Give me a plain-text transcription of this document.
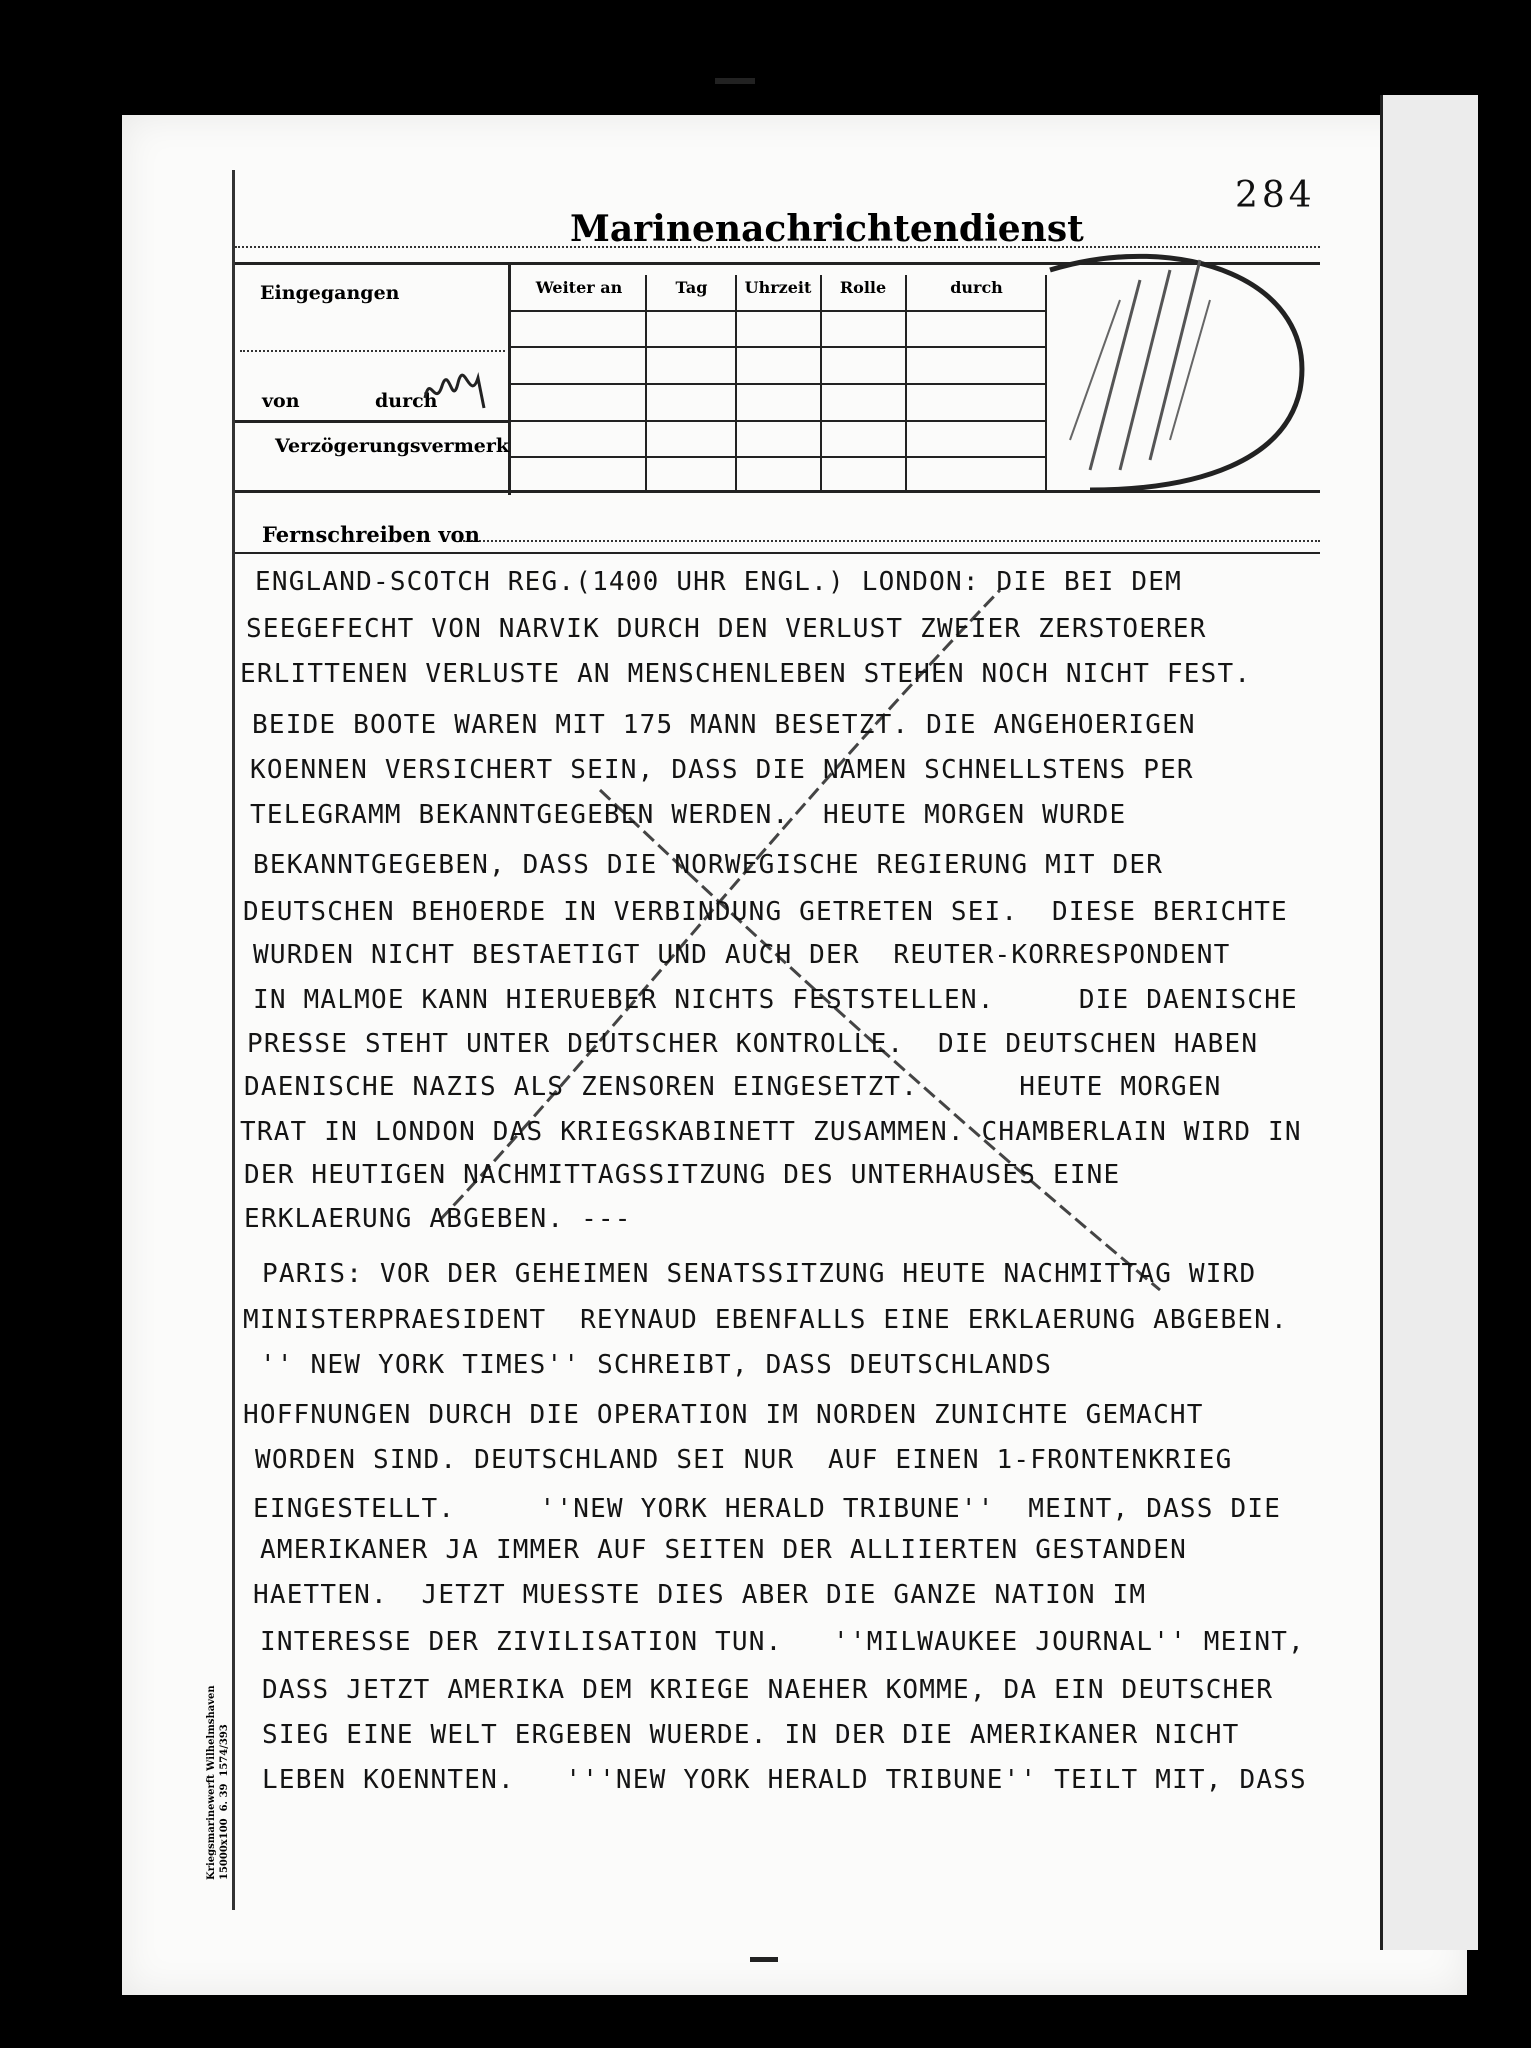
284
Marinenachrichtendienst
Eingegangen
von	durch
Verzögerungsvermerk
Fernschreiben von
Weiter an	Tag	Uhrzeit	Rolle	durch
ENGLAND-SCOTCH REG.(1400 UHR ENGL.) LONDON: DIE BEI DEM
SEEGEFECHT VON NARVIK DURCH DEN VERLUST ZWEIER ZERSTOERER
ERLITTENEN VERLUSTE AN MENSCHENLEBEN STEHEN NOCH NICHT FEST.
BEIDE BOOTE WAREN MIT 175 MANN BESETZT. DIE ANGEHOERIGEN
KOENNEN VERSICHERT SEIN, DASS DIE NAMEN SCHNELLSTENS PER
TELEGRAMM BEKANNTGEGEBEN WERDEN.  HEUTE MORGEN WURDE
BEKANNTGEGEBEN, DASS DIE NORWEGISCHE REGIERUNG MIT DER
DEUTSCHEN BEHOERDE IN VERBINDUNG GETRETEN SEI.  DIESE BERICHTE
WURDEN NICHT BESTAETIGT UND AUCH DER  REUTER-KORRESPONDENT
IN MALMOE KANN HIERUEBER NICHTS FESTSTELLEN.     DIE DAENISCHE
PRESSE STEHT UNTER DEUTSCHER KONTROLLE.  DIE DEUTSCHEN HABEN
DAENISCHE NAZIS ALS ZENSOREN EINGESETZT.      HEUTE MORGEN
TRAT IN LONDON DAS KRIEGSKABINETT ZUSAMMEN. CHAMBERLAIN WIRD IN
DER HEUTIGEN NACHMITTAGSSITZUNG DES UNTERHAUSES EINE
ERKLAERUNG ABGEBEN. ---
PARIS: VOR DER GEHEIMEN SENATSSITZUNG HEUTE NACHMITTAG WIRD
MINISTERPRAESIDENT  REYNAUD EBENFALLS EINE ERKLAERUNG ABGEBEN.
'' NEW YORK TIMES'' SCHREIBT, DASS DEUTSCHLANDS
HOFFNUNGEN DURCH DIE OPERATION IM NORDEN ZUNICHTE GEMACHT
WORDEN SIND. DEUTSCHLAND SEI NUR  AUF EINEN 1-FRONTENKRIEG
EINGESTELLT.     ''NEW YORK HERALD TRIBUNE''  MEINT, DASS DIE
AMERIKANER JA IMMER AUF SEITEN DER ALLIIERTEN GESTANDEN
HAETTEN.  JETZT MUESSTE DIES ABER DIE GANZE NATION IM
INTERESSE DER ZIVILISATION TUN.   ''MILWAUKEE JOURNAL'' MEINT,
DASS JETZT AMERIKA DEM KRIEGE NAEHER KOMME, DA EIN DEUTSCHER
SIEG EINE WELT ERGEBEN WUERDE. IN DER DIE AMERIKANER NICHT
LEBEN KOENNTEN.   '''NEW YORK HERALD TRIBUNE'' TEILT MIT, DASS
Kriegsmarinewerft Wilhelmshaven 15000x100  6. 39  1574/393
